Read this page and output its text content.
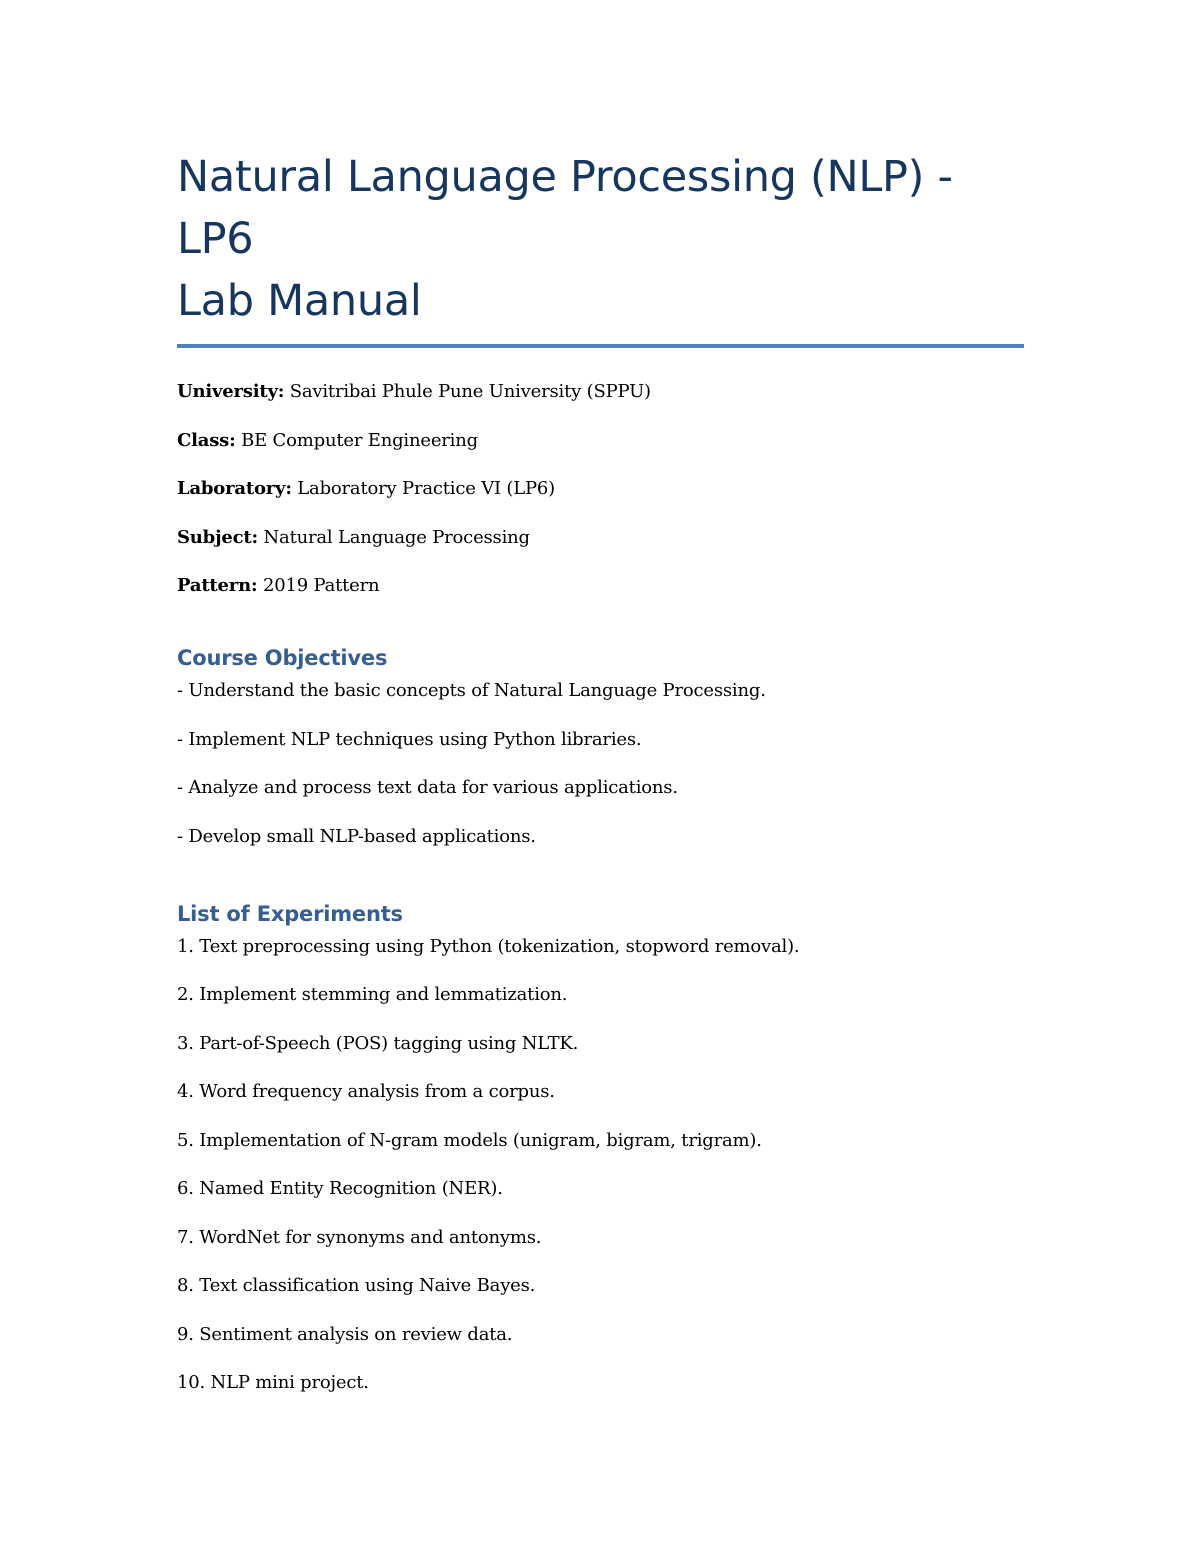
Natural Language Processing (NLP) - LP6
Lab Manual
University: Savitribai Phule Pune University (SPPU)
Class: BE Computer Engineering
Laboratory: Laboratory Practice VI (LP6)
Subject: Natural Language Processing
Pattern: 2019 Pattern
Course Objectives
- Understand the basic concepts of Natural Language Processing.
- Implement NLP techniques using Python libraries.
- Analyze and process text data for various applications.
- Develop small NLP-based applications.
List of Experiments
1. Text preprocessing using Python (tokenization, stopword removal).
2. Implement stemming and lemmatization.
3. Part-of-Speech (POS) tagging using NLTK.
4. Word frequency analysis from a corpus.
5. Implementation of N-gram models (unigram, bigram, trigram).
6. Named Entity Recognition (NER).
7. WordNet for synonyms and antonyms.
8. Text classification using Naive Bayes.
9. Sentiment analysis on review data.
10. NLP mini project.
